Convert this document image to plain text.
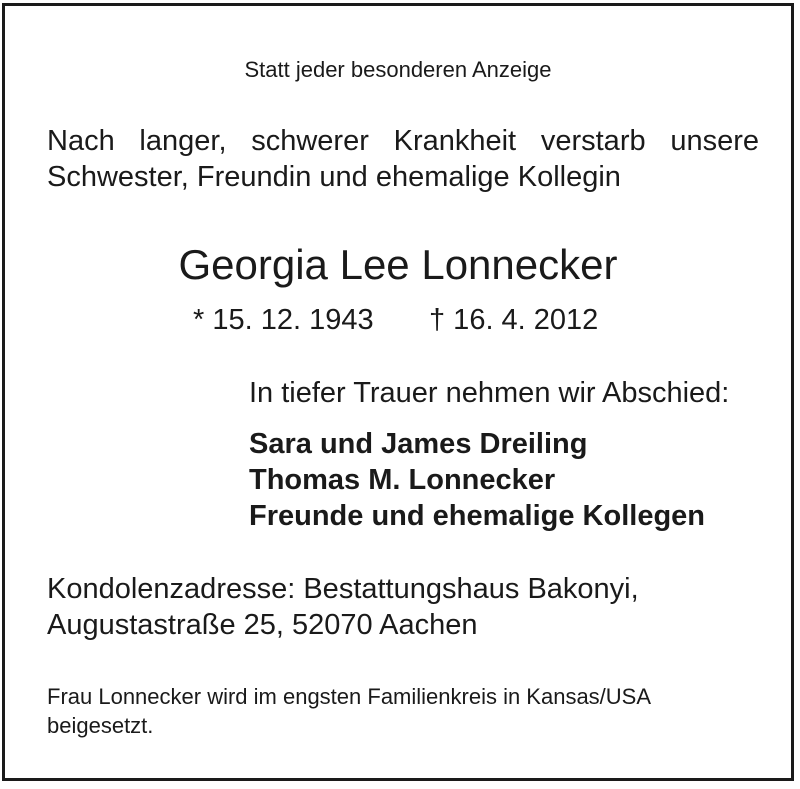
Statt jeder besonderen Anzeige

Nach langer, schwerer Krankheit verstarb unsere

Schwester, Freundin und ehemalige Kollegin

Georgia Lee Lonnecker

* 15. 12. 1943 † 16. 4. 2012

In tiefer Trauer nehmen wir Abschied:

Sara und James Dreiling

Thomas M. Lonnecker

Freunde und ehemalige Kollegen

Kondolenzadresse: Bestattungshaus Bakonyi,

Augustastraße 25, 52070 Aachen

Frau Lonnecker wird im engsten Familienkreis in Kansas/USA

beigesetzt.
